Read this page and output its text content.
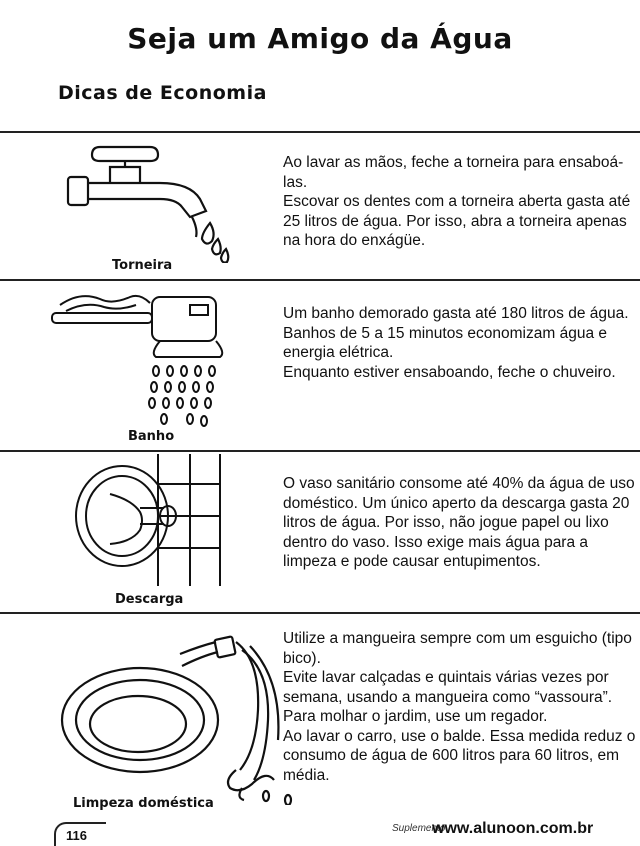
Seja um Amigo da Água
Dicas de Economia
Torneira

Ao lavar as mãos, feche a torneira para ensaboá-las.

Escovar os dentes com a torneira aberta gasta até 25 litros de água. Por isso, abra a torneira apenas na hora do enxágüe.

Banho

Um banho demorado gasta até 180 litros de água.

Banhos de 5 a 15 minutos economizam água e energia elétrica.

Enquanto estiver ensaboando, feche o chuveiro.

Descarga

O vaso sanitário consome até 40% da água de uso doméstico. Um único aperto da descarga gasta 20 litros de água. Por isso, não jogue papel ou lixo dentro do vaso. Isso exige mais água para a limpeza e pode causar entupimentos.

Limpeza doméstica

Utilize a mangueira sempre com um esguicho (tipo bico).

Evite lavar calçadas e quintais várias vezes por semana, usando a mangueira como “vassoura”.

Para molhar o jardim, use um regador.

Ao lavar o carro, use o balde. Essa medida reduz o consumo de água de 600 litros para 60 litros, em média.

116	Suplemento
www.alunoon.com.br
